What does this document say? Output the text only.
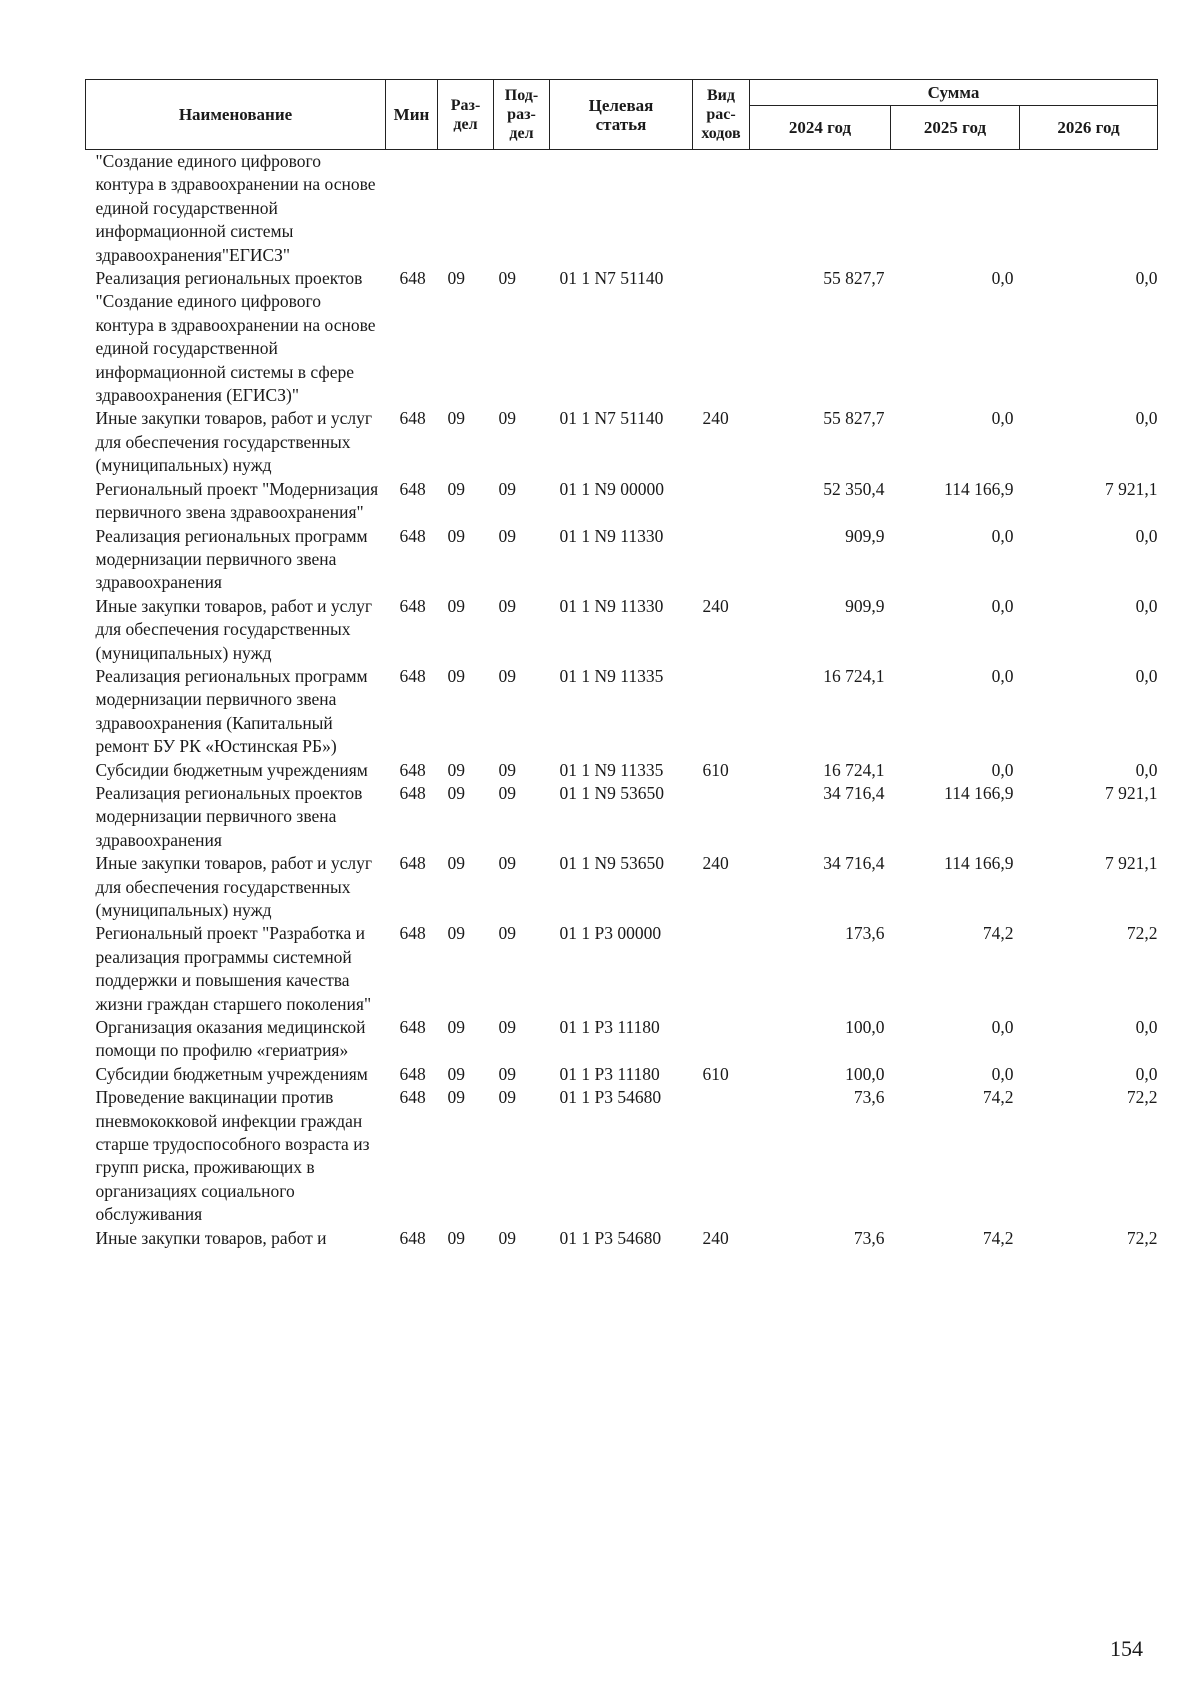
Наименование	Мин	Раз-
дел	Под-
раз-
дел	Целевая
статья	Вид
рас-
ходов	Сумма		
						2024 год	2025 год	2026 год
"Создание единого цифрового контура в здравоохранении на основе единой государственной информационной системы здравоохранения"ЕГИСЗ"								
Реализация региональных проектов "Создание единого цифрового контура в здравоохранении на основе единой государственной информационной системы в сфере здравоохранения (ЕГИСЗ)"	648	09	09	01 1 N7 51140		55 827,7	0,0	0,0
Иные закупки товаров, работ и услуг для обеспечения государственных (муниципальных) нужд	648	09	09	01 1 N7 51140	240	55 827,7	0,0	0,0
Региональный проект "Модернизация первичного звена здравоохранения"	648	09	09	01 1 N9 00000		52 350,4	114 166,9	7 921,1
Реализация региональных программ модернизации первичного звена здравоохранения	648	09	09	01 1 N9 11330		909,9	0,0	0,0
Иные закупки товаров, работ и услуг для обеспечения государственных (муниципальных) нужд	648	09	09	01 1 N9 11330	240	909,9	0,0	0,0
Реализация региональных программ модернизации первичного звена здравоохранения (Капитальный ремонт БУ РК «Юстинская РБ»)	648	09	09	01 1 N9 11335		16 724,1	0,0	0,0
Субсидии бюджетным учреждениям	648	09	09	01 1 N9 11335	610	16 724,1	0,0	0,0
Реализация региональных проектов модернизации первичного звена здравоохранения	648	09	09	01 1 N9 53650		34 716,4	114 166,9	7 921,1
Иные закупки товаров, работ и услуг для обеспечения государственных (муниципальных) нужд	648	09	09	01 1 N9 53650	240	34 716,4	114 166,9	7 921,1
Региональный проект "Разработка и реализация программы системной поддержки и повышения качества жизни граждан старшего поколения"	648	09	09	01 1 P3 00000		173,6	74,2	72,2
Организация оказания медицинской помощи по профилю «гериатрия»	648	09	09	01 1 P3 11180		100,0	0,0	0,0
Субсидии бюджетным учреждениям	648	09	09	01 1 P3 11180	610	100,0	0,0	0,0
Проведение вакцинации против пневмококковой инфекции граждан старше трудоспособного возраста из групп риска, проживающих в организациях социального обслуживания	648	09	09	01 1 P3 54680		73,6	74,2	72,2
Иные закупки товаров, работ и	648	09	09	01 1 P3 54680	240	73,6	74,2	72,2
154
